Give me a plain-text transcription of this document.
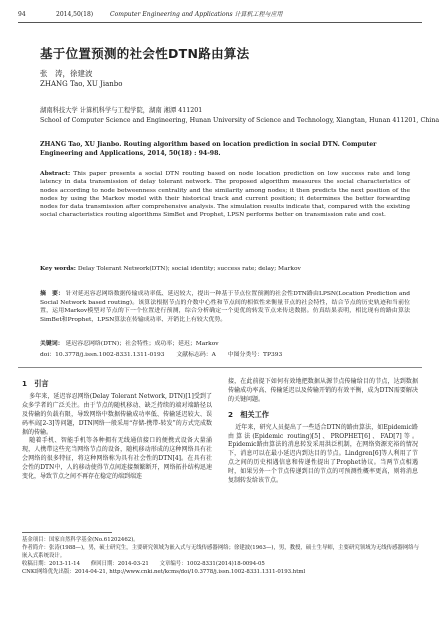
94	2014,50(18)	Computer Engineering and Applications 计算机工程与应用
基于位置预测的社会性DTN路由算法
张　涛，徐建波
ZHANG Tao, XU Jianbo
湖南科技大学 计算机科学与工程学院，湖南 湘潭 411201
School of Computer Science and Engineering, Hunan University of Science and Technology, Xiangtan, Hunan 411201, China
ZHANG Tao, XU Jianbo. Routing algorithm based on location prediction in social DTN. Computer Engineering and Applications, 2014, 50(18) : 94-98.
Abstract: This paper presents a social DTN routing based on node location prediction on low success rate and long latency in data transmission of delay tolerant network. The proposed algorithm measures the social characteristics of nodes according to node betweenness centrality and the similarity among nodes; it then predicts the next position of the nodes by using the Markov model with their historical track and current position; it determines the better forwarding nodes for data transmission after comprehensive analysis. The simulation results indicate that, compared with the existing social characteristics routing algorithms SimBet and Prophet, LPSN performs better on transmission rate and cost.
Key words: Delay Tolerant Network(DTN); social identity; success rate; delay; Markov
摘　要： 针对延迟容忍网络数据传输成功率低、延迟较大，提出一种基于节点位置预测的社会性DTN路由LPSN(Location Prediction and Social Network based routing)。该算法根据节点的介数中心性和节点间的相似性来衡量节点的社会特性，结合节点的历史轨迹和当前位置，运用Markov模型对节点的下一个位置进行预测，综合分析确定一个更优的转发节点来传送数据。仿真结果表明，相比现有的路由算法SimBet和Prophet，LPSN算法在传输成功率、开销比上有较大优势。
关键词： 延迟容忍网络(DTN)；社会特性；成功率；延迟；Markov
doi：10.3778/j.issn.1002-8331.1311-0193　　文献标志码：A　　中图分类号：TP393
1　引言

多年来，延迟容忍网络(Delay Tolerant Network, DTN)[1]受到了众多学者的广泛关注。由于节点的随机移动、缺乏持续的端对端路径以及传输的负载有限，导致网络中数据传输成功率低、传输延迟较大、误码率高[2-3]等问题，DTN网络一般采用“存储-携带-转发”的方式完成数据的传输。

随着手机、智能手机等各种拥有无线通信接口的便携式设备大量涌现，人携带这些充当网络节点的设备，随机移动形成的这种网络具有社会网络的很多特征，将这种网络称为具有社会性的DTN[4]。在具有社会性的DTN中，人的移动使得节点间连接频繁断开，网络拓扑结构迅速变化，导致节点之间不再存在稳定的端到端连

接，在此前提下如何有效地把数据从源节点传输给目的节点，达到数据传输成功率高、传输延迟以及传输开销的有效平衡，成为DTN需要解决的关键问题。

2　相关工作

近年来，研究人员提出了一些适合DTN的路由算法，如Epidemic路由算法(Epidemic routing)[5]、PROPHET[6]、FAD[7]等。Epidemic路由算法的消息转发采用洪泛机制，在网络资源充裕的情况下，消息可以在最小延迟内到达目的节点。Lindgren[6]等人利用了节点之间的历史相遇信息和传递性提出了Prophet协议。当两节点相遇时，如果另外一个节点传递到目的节点的可预测性概率更高，则将消息复制转发给该节点。

基金项目：国家自然科学基金(No.61202462)。
作者简介：张涛(1988—)，男，硕士研究生，主要研究领域为嵌入式与无线传感器网络；徐建波(1963—)，男，教授，硕士生导师，主要研究领域为无线传感器网络与嵌入式系统设计。
收稿日期：2013-11-14　　修回日期：2014-03-21　　文章编号：1002-8331(2014)18-0094-05
CNKI网络优先出版：2014-04-21, http://www.cnki.net/kcms/doi/10.3778/j.issn.1002-8331.1311-0193.html
